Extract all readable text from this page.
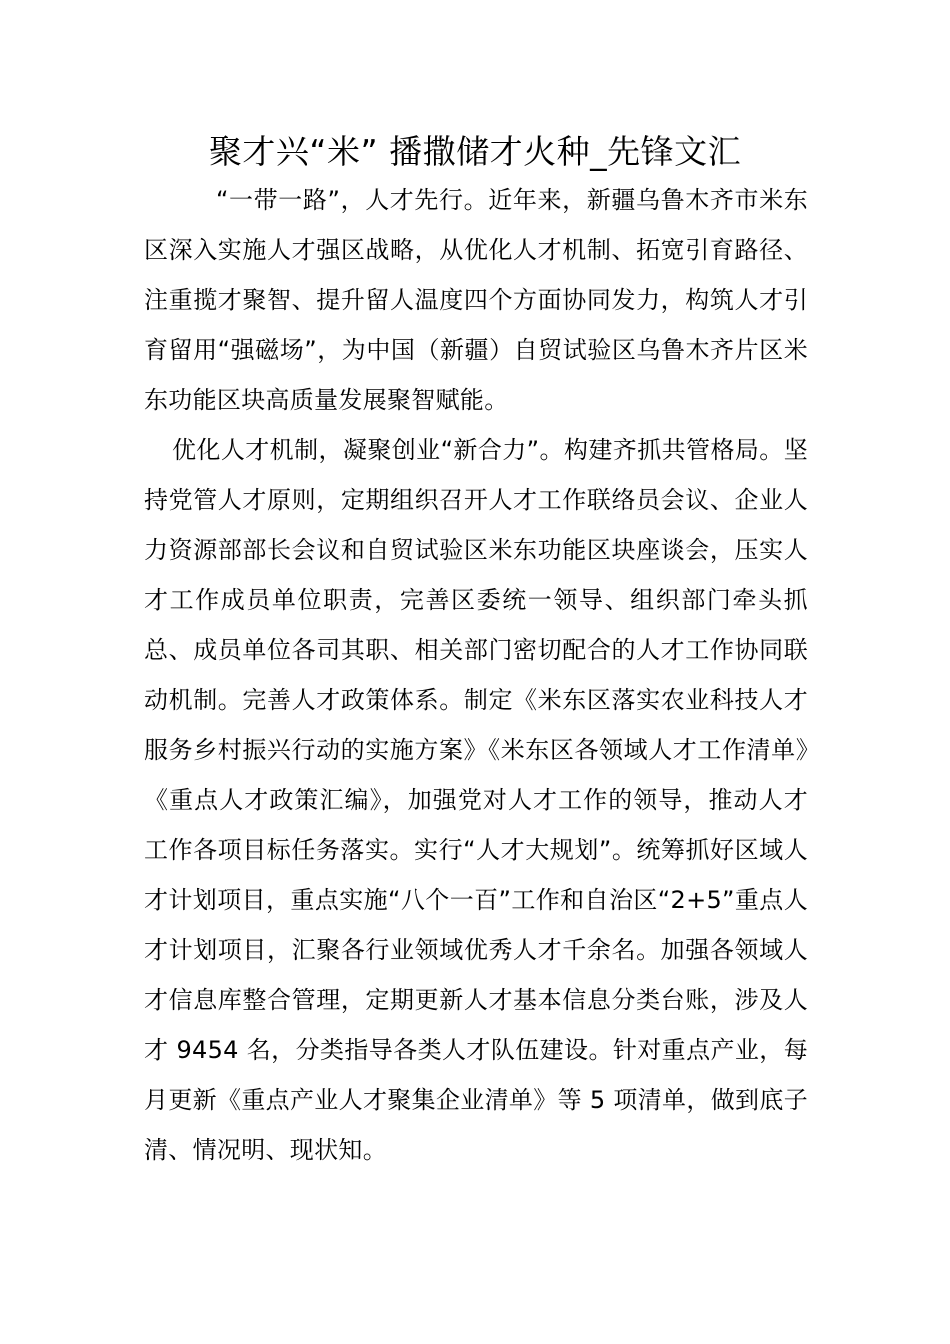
聚才兴“米” 播撒储才火种_先锋文汇

“一带一路”，人才先行。近年来，新疆乌鲁木齐市米东区深入实施人才强区战略，从优化人才机制、拓宽引育路径、注重揽才聚智、提升留人温度四个方面协同发力，构筑人才引育留用“强磁场”，为中国（新疆）自贸试验区乌鲁木齐片区米东功能区块高质量发展聚智赋能。

优化人才机制，凝聚创业“新合力”。构建齐抓共管格局。坚持党管人才原则，定期组织召开人才工作联络员会议、企业人力资源部部长会议和自贸试验区米东功能区块座谈会，压实人才工作成员单位职责，完善区委统一领导、组织部门牵头抓总、成员单位各司其职、相关部门密切配合的人才工作协同联动机制。完善人才政策体系。制定《米东区落实农业科技人才服务乡村振兴行动的实施方案》《米东区各领域人才工作清单》《重点人才政策汇编》，加强党对人才工作的领导，推动人才工作各项目标任务落实。实行“人才大规划”。统筹抓好区域人才计划项目，重点实施“八个一百”工作和自治区“2+5”重点人才计划项目，汇聚各行业领域优秀人才千余名。加强各领域人才信息库整合管理，定期更新人才基本信息分类台账，涉及人才 9454 名，分类指导各类人才队伍建设。针对重点产业，每月更新《重点产业人才聚集企业清单》等 5 项清单，做到底子清、情况明、现状知。
